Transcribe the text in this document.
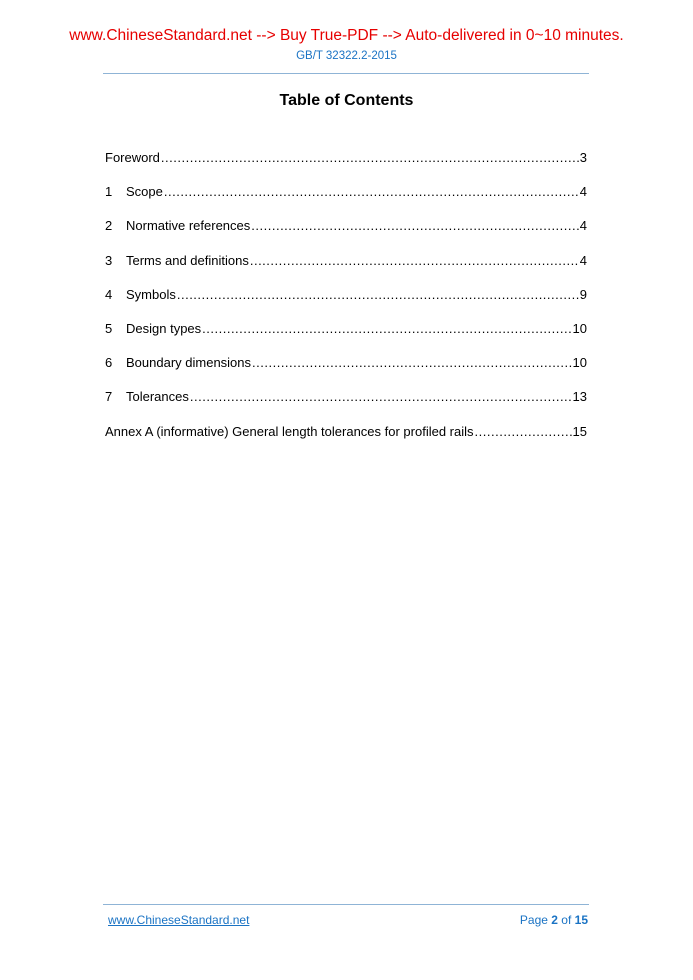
www.ChineseStandard.net --> Buy True-PDF --> Auto-delivered in 0~10 minutes.
GB/T 32322.2-2015
Table of Contents
Foreword .....	3
1	Scope .....	4
2	Normative references .....	4
3	Terms and definitions .....	4
4	Symbols .....	9
5	Design types .....	10
6	Boundary dimensions .....	10
7	Tolerances .....	13
Annex A (informative) General length tolerances for profiled rails .....	15
www.ChineseStandard.net	Page 2 of 15
